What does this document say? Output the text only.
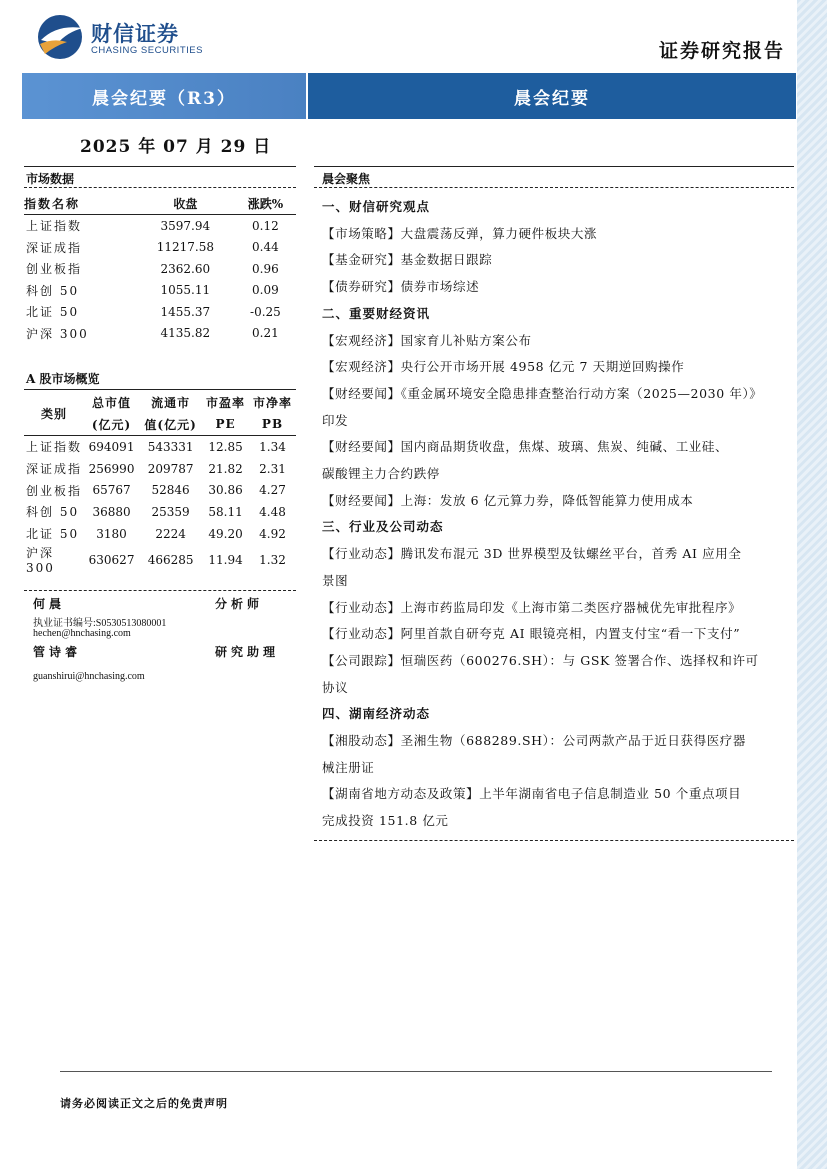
财信证券
CHASING SECURITIES	证券研究报告
晨会纪要（R3）	晨会纪要
2025 年 07 月 29 日
市场数据
指数名称	收盘	涨跌%
上证指数	3597.94	0.12
深证成指	11217.58	0.44
创业板指	2362.60	0.96
科创 50	1055.11	0.09
北证 50	1455.37	-0.25
沪深 300	4135.82	0.21
A 股市场概览
类别	总市值	流通市	市盈率	市净率
	(亿元)	值(亿元)	PE	PB
上证指数	694091	543331	12.85	1.34
深证成指	256990	209787	21.82	2.31
创业板指	65767	52846	30.86	4.27
科创 50	36880	25359	58.11	4.48
北证 50	3180	2224	49.20	4.92
沪深 300	630627	466285	11.94	1.32
何晨	分析师
执业证书编号:S0530513080001
hechen@hnchasing.com
管诗睿	研究助理
guanshirui@hnchasing.com
晨会聚焦
一、财信研究观点
【市场策略】大盘震荡反弹，算力硬件板块大涨
【基金研究】基金数据日跟踪
【债券研究】债券市场综述
二、重要财经资讯
【宏观经济】国家育儿补贴方案公布
【宏观经济】央行公开市场开展 4958 亿元 7 天期逆回购操作
【财经要闻】《重金属环境安全隐患排查整治行动方案（2025—2030 年）》
印发
【财经要闻】国内商品期货收盘，焦煤、玻璃、焦炭、纯碱、工业硅、
碳酸锂主力合约跌停
【财经要闻】上海：发放 6 亿元算力券，降低智能算力使用成本
三、行业及公司动态
【行业动态】腾讯发布混元 3D 世界模型及钛螺丝平台，首秀 AI 应用全
景图
【行业动态】上海市药监局印发《上海市第二类医疗器械优先审批程序》
【行业动态】阿里首款自研夸克 AI 眼镜亮相，内置支付宝“看一下支付”
【公司跟踪】恒瑞医药（600276.SH）：与 GSK 签署合作、选择权和许可
协议
四、湖南经济动态
【湘股动态】圣湘生物（688289.SH）：公司两款产品于近日获得医疗器
械注册证
【湖南省地方动态及政策】上半年湖南省电子信息制造业 50 个重点项目
完成投资 151.8 亿元
请务必阅读正文之后的免责声明
